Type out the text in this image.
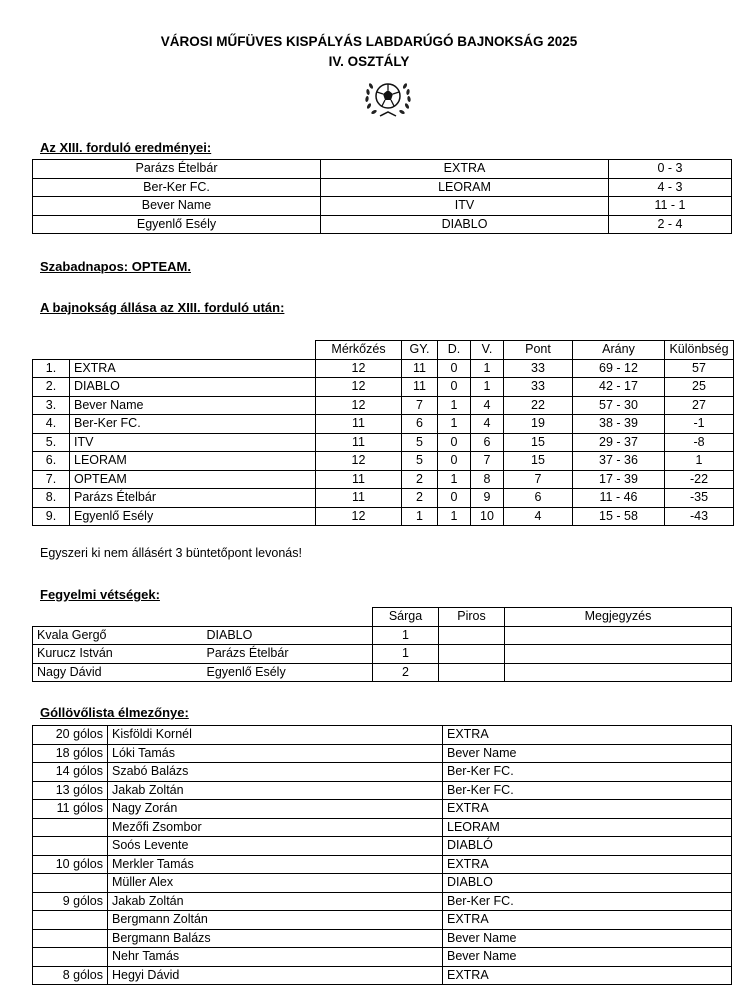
VÁROSI MŰFÜVES KISPÁLYÁS LABDARÚGÓ BAJNOKSÁG 2025
IV. OSZTÁLY
Az XIII. forduló eredményei:
Parázs Ételbár	EXTRA	0 - 3
Ber-Ker FC.	LEORAM	4 - 3
Bever Name	ITV	11 - 1
Egyenlő Esély	DIABLO	2 - 4
Szabadnapos: OPTEAM.
A bajnokság állása az XIII. forduló után:
		Mérkőzés	GY.	D.	V.	Pont	Arány	Különbség
1.	EXTRA	12	11	0	1	33	69 - 12	57
2.	DIABLO	12	11	0	1	33	42 - 17	25
3.	Bever Name	12	7	1	4	22	57 - 30	27
4.	Ber-Ker FC.	11	6	1	4	19	38 - 39	-1
5.	ITV	11	5	0	6	15	29 - 37	-8
6.	LEORAM	12	5	0	7	15	37 - 36	1
7.	OPTEAM	11	2	1	8	7	17 - 39	-22
8.	Parázs Ételbár	11	2	0	9	6	11 - 46	-35
9.	Egyenlő Esély	12	1	1	10	4	15 - 58	-43
Egyszeri ki nem állásért 3 büntetőpont levonás!
Fegyelmi vétségek:
		Sárga	Piros	Megjegyzés
Kvala Gergő	DIABLO	1		
Kurucz István	Parázs Ételbár	1		
Nagy Dávid	Egyenlő Esély	2		
Góllövőlista élmezőnye:
20 gólos	Kisföldi Kornél	EXTRA
18 gólos	Lóki Tamás	Bever Name
14 gólos	Szabó Balázs	Ber-Ker FC.
13 gólos	Jakab Zoltán	Ber-Ker FC.
11 gólos	Nagy Zorán	EXTRA
	Mezőfi Zsombor	LEORAM
	Soós Levente	DIABLÓ
10 gólos	Merkler Tamás	EXTRA
	Müller Alex	DIABLO
9 gólos	Jakab Zoltán	Ber-Ker FC.
	Bergmann Zoltán	EXTRA
	Bergmann Balázs	Bever Name
	Nehr Tamás	Bever Name
8 gólos	Hegyi Dávid	EXTRA
